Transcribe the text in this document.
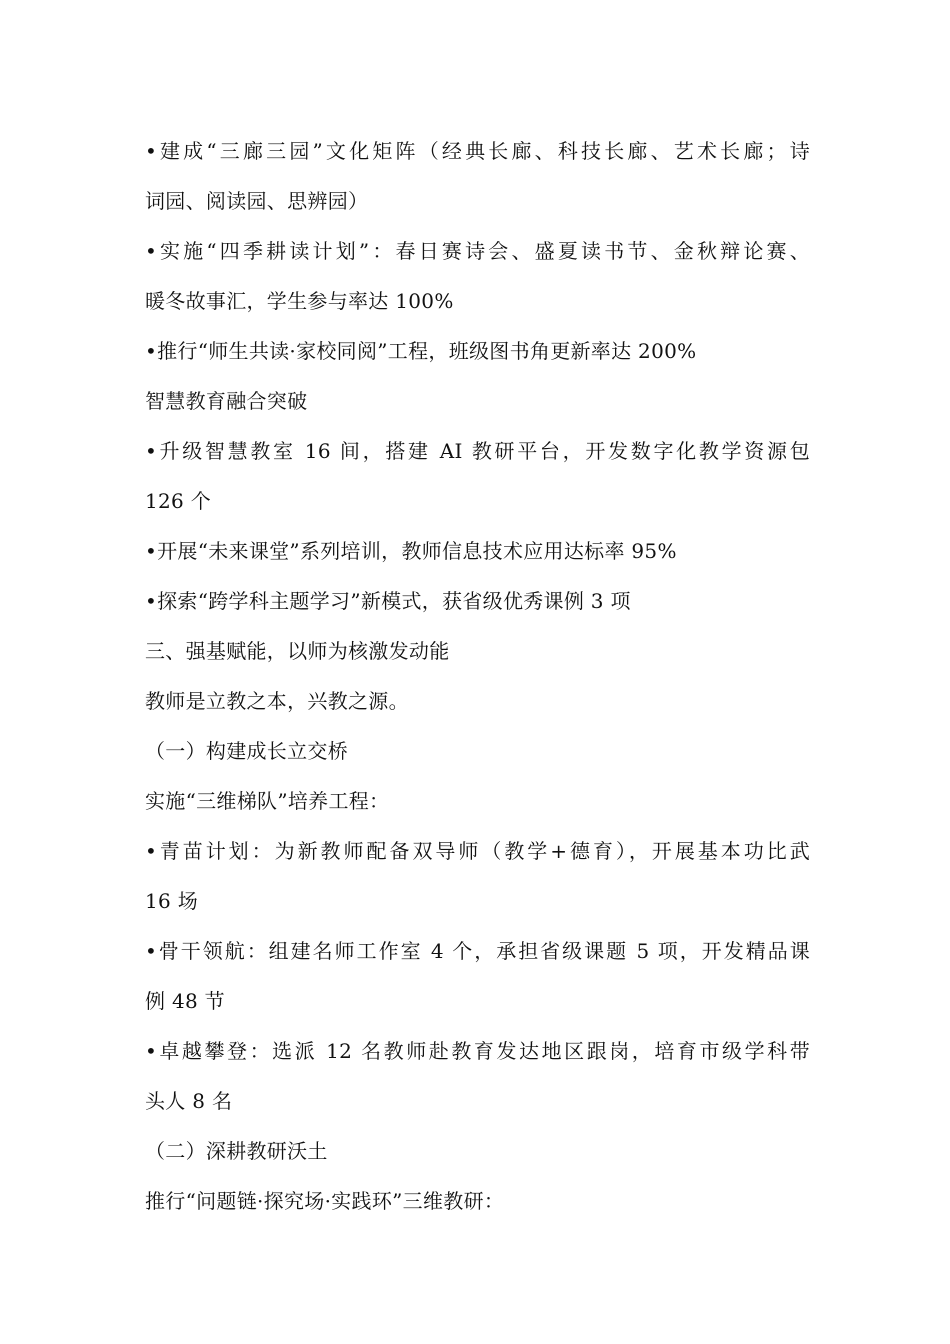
•建成“三廊三园”文化矩阵（经典长廊、科技长廊、艺术长廊；诗
词园、阅读园、思辨园）
•实施“四季耕读计划”：春日赛诗会、盛夏读书节、金秋辩论赛、
暖冬故事汇，学生参与率达 100%
•推行“师生共读·家校同阅”工程，班级图书角更新率达 200%
智慧教育融合突破
•升级智慧教室 16 间，搭建 AI 教研平台，开发数字化教学资源包
126 个
•开展“未来课堂”系列培训，教师信息技术应用达标率 95%
•探索“跨学科主题学习”新模式，获省级优秀课例 3 项
三、强基赋能，以师为核激发动能
教师是立教之本，兴教之源。
（一）构建成长立交桥
实施“三维梯队”培养工程：
•青苗计划：为新教师配备双导师（教学+德育），开展基本功比武
16 场
•骨干领航：组建名师工作室 4 个，承担省级课题 5 项，开发精品课
例 48 节
•卓越攀登：选派 12 名教师赴教育发达地区跟岗，培育市级学科带
头人 8 名
（二）深耕教研沃土
推行“问题链·探究场·实践环”三维教研：
